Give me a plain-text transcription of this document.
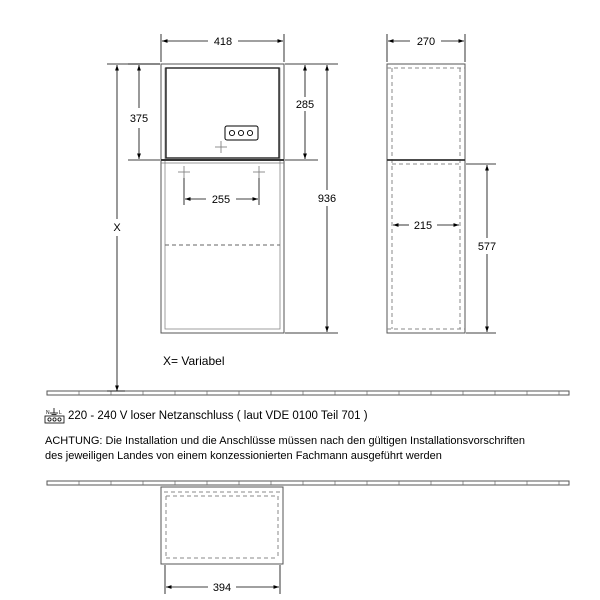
418
375
X
285
936
255
270
215
577
394
N L
X= Variabel
220 - 240 V loser Netzanschluss ( laut VDE 0100 Teil 701 )
ACHTUNG: Die Installation und die Anschlüsse müssen nach den gültigen Installationsvorschriften
des jeweiligen Landes von einem konzessionierten Fachmann ausgeführt werden
